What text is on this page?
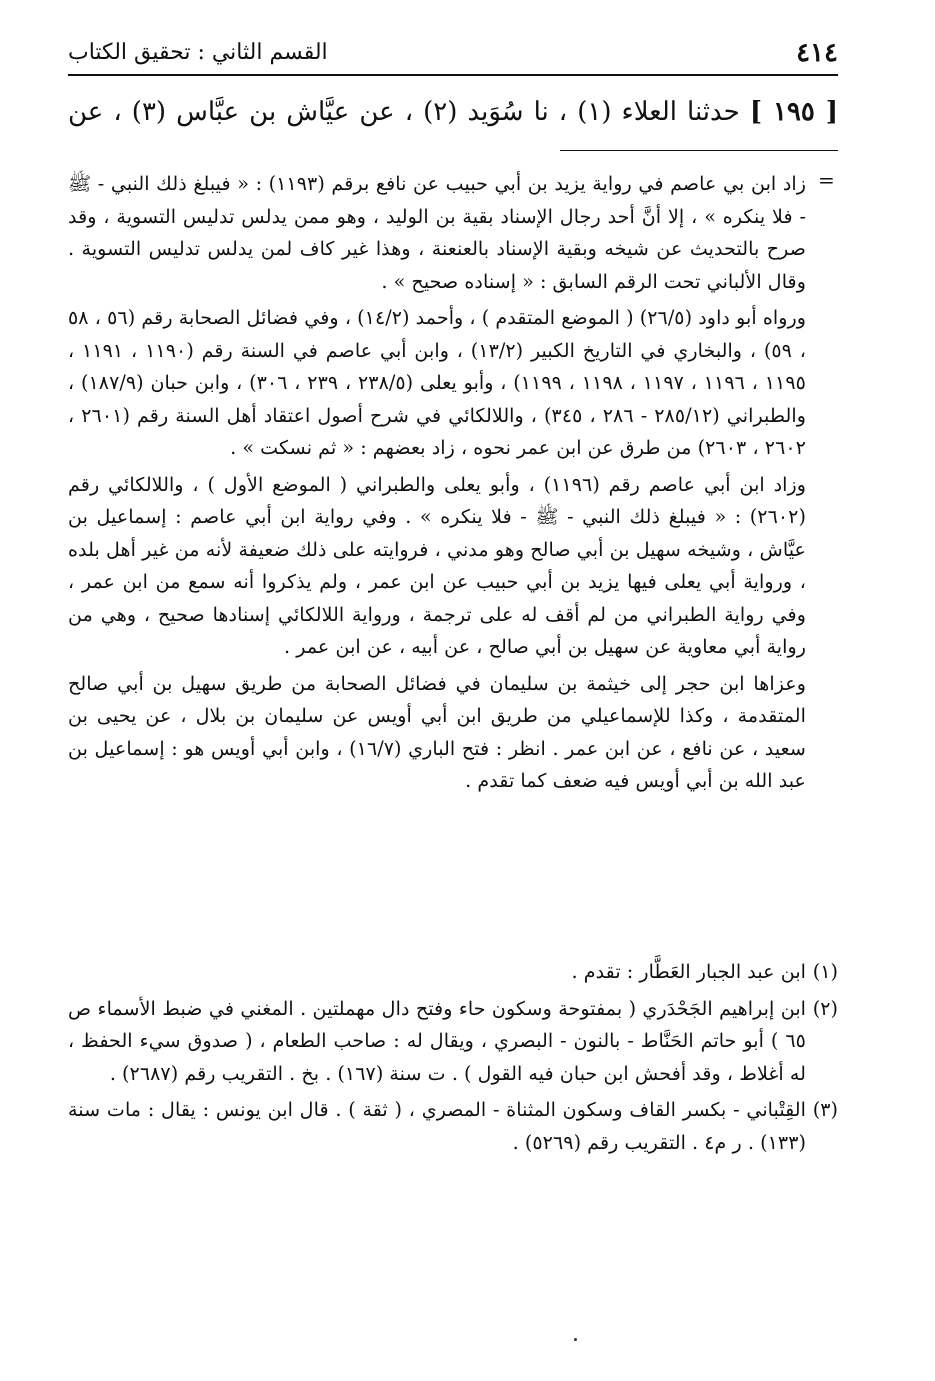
٤١٤
القسم الثاني : تحقيق الكتاب
[ ١٩٥ ] حدثنا العلاء (١) ، نا سُوَيد (٢) ، عن عيَّاش بن عبَّاس (٣) ، عن
=

زاد ابن بي عاصم في رواية يزيد بن أبي حبيب عن نافع برقم (١١٩٣) : « فيبلغ ذلك النبي - ﷺ - فلا ينكره » ، إلا أنَّ أحد رجال الإسناد بقية بن الوليد ، وهو ممن يدلس تدليس التسوية ، وقد صرح بالتحديث عن شيخه وبقية الإسناد بالعنعنة ، وهذا غير كاف لمن يدلس تدليس التسوية . وقال الألباني تحت الرقم السابق : « إسناده صحيح » .

ورواه أبو داود (٢٦/٥) ( الموضع المتقدم ) ، وأحمد (١٤/٢) ، وفي فضائل الصحابة رقم (٥٦ ، ٥٨ ، ٥٩) ، والبخاري في التاريخ الكبير (١٣/٢) ، وابن أبي عاصم في السنة رقم (١١٩٠ ، ١١٩١ ، ١١٩٥ ، ١١٩٦ ، ١١٩٧ ، ١١٩٨ ، ١١٩٩) ، وأبو يعلى (٢٣٨/٥ ، ٢٣٩ ، ٣٠٦) ، وابن حبان (١٨٧/٩) ، والطبراني (٢٨٥/١٢ - ٢٨٦ ، ٣٤٥) ، واللالكائي في شرح أصول اعتقاد أهل السنة رقم (٢٦٠١ ، ٢٦٠٢ ، ٢٦٠٣) من طرق عن ابن عمر نحوه ، زاد بعضهم : « ثم نسكت » .

وزاد ابن أبي عاصم رقم (١١٩٦) ، وأبو يعلى والطبراني ( الموضع الأول ) ، واللالكائي رقم (٢٦٠٢) : « فيبلغ ذلك النبي - ﷺ - فلا ينكره » . وفي رواية ابن أبي عاصم : إسماعيل بن عيَّاش ، وشيخه سهيل بن أبي صالح وهو مدني ، فروايته على ذلك ضعيفة لأنه من غير أهل بلده ، ورواية أبي يعلى فيها يزيد بن أبي حبيب عن ابن عمر ، ولم يذكروا أنه سمع من ابن عمر ، وفي رواية الطبراني من لم أقف له على ترجمة ، ورواية اللالكائي إسنادها صحيح ، وهي من رواية أبي معاوية عن سهيل بن أبي صالح ، عن أبيه ، عن ابن عمر .

وعزاها ابن حجر إلى خيثمة بن سليمان في فضائل الصحابة من طريق سهيل بن أبي صالح المتقدمة ، وكذا للإسماعيلي من طريق ابن أبي أويس عن سليمان بن بلال ، عن يحيى بن سعيد ، عن نافع ، عن ابن عمر . انظر : فتح الباري (١٦/٧) ، وابن أبي أويس هو : إسماعيل بن عبد الله بن أبي أويس فيه ضعف كما تقدم .

(١)
ابن عبد الجبار العَطَّار : تقدم .
(٢)
ابن إبراهيم الجَحْدَري ( بمفتوحة وسكون حاء وفتح دال مهملتين . المغني في ضبط الأسماء ص ٦٥ ) أبو حاتم الحَنَّاط - بالنون - البصري ، ويقال له : صاحب الطعام ، ( صدوق سيء الحفظ ، له أغلاط ، وقد أفحش ابن حبان فيه القول ) . ت سنة (١٦٧) . بخ . التقريب رقم (٢٦٨٧) .
(٣)
القِتْباني - بكسر القاف وسكون المثناة - المصري ، ( ثقة ) . قال ابن يونس : يقال : مات سنة (١٣٣) . ر م٤ . التقريب رقم (٥٢٦٩) .
